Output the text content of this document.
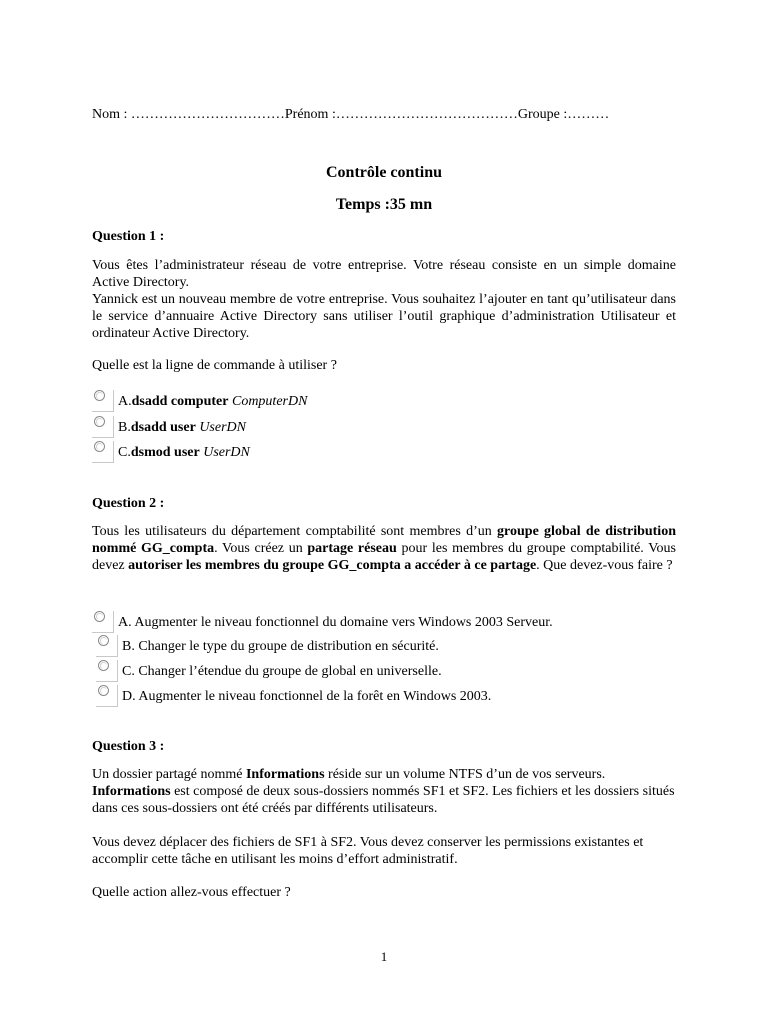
Nom : ……………………………Prénom :…………………………………Groupe :………
Contrôle continu
Temps :35 mn
Question 1 :

Vous êtes l’administrateur réseau de votre entreprise. Votre réseau consiste en un simple domaine Active Directory.

Yannick est un nouveau membre de votre entreprise. Vous souhaitez l’ajouter en tant qu’utilisateur dans le service d’annuaire Active Directory sans utiliser l’outil graphique d’administration Utilisateur et ordinateur Active Directory.

Quelle est la ligne de commande à utiliser ?
A. dsadd computer
ComputerDN
B. dsadd user
UserDN
C. dsmod user
UserDN
Question 2 :
Tous les utilisateurs du département comptabilité sont membres d’un groupe global de distribution nommé GG_compta. Vous créez un partage réseau pour les membres du groupe comptabilité. Vous devez autoriser les membres du groupe GG_compta a accéder à ce partage. Que devez-vous faire ?
A. Augmenter le niveau fonctionnel du domaine vers Windows 2003 Serveur.
B. Changer le type du groupe de distribution en sécurité.
C. Changer l’étendue du groupe de global en universelle.
D. Augmenter le niveau fonctionnel de la forêt en Windows 2003.
Question 3 :
Un dossier partagé nommé Informations réside sur un volume NTFS d’un de vos serveurs.
Informations est composé de deux sous-dossiers nommés SF1 et SF2. Les fichiers et les dossiers situés dans ces sous-dossiers ont été créés par différents utilisateurs.
Vous devez déplacer des fichiers de SF1 à SF2. Vous devez conserver les permissions existantes et accomplir cette tâche en utilisant les moins d’effort administratif.
Quelle action allez-vous effectuer ?
1
